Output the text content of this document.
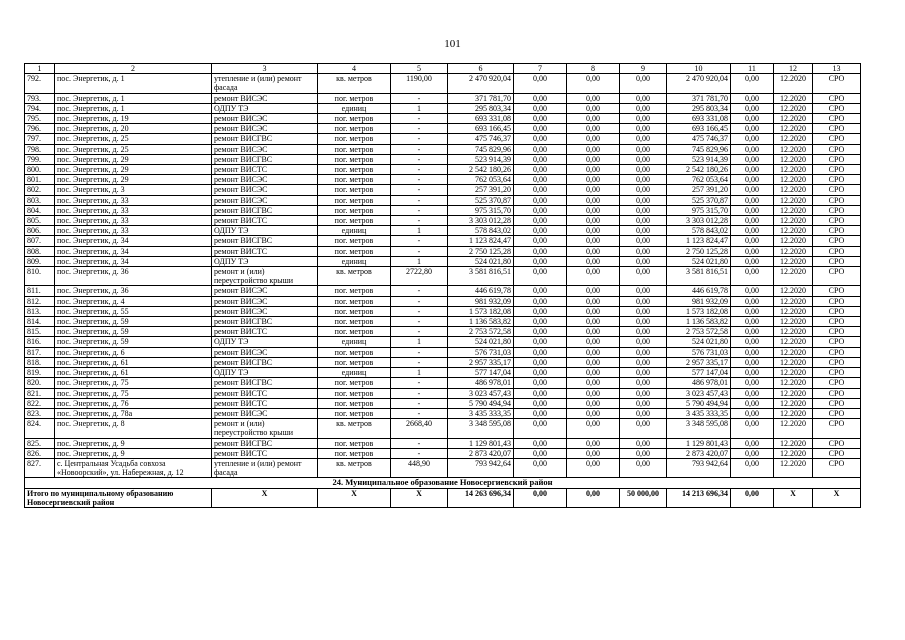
101
1	2	3	4	5	6	7	8	9	10	11	12	13
792.	пос. Энергетик, д. 1	утепление и (или) ремонт фасада	кв. метров	1190,00	2 470 920,04	0,00	0,00	0,00	2 470 920,04	0,00	12.2020	СРО
793.	пос. Энергетик, д. 1	ремонт ВИСЭС	пог. метров	-	371 781,70	0,00	0,00	0,00	371 781,70	0,00	12.2020	СРО
794.	пос. Энергетик, д. 1	ОДПУ ТЭ	единиц	1	295 803,34	0,00	0,00	0,00	295 803,34	0,00	12.2020	СРО
795.	пос. Энергетик, д. 19	ремонт ВИСЭС	пог. метров	-	693 331,08	0,00	0,00	0,00	693 331,08	0,00	12.2020	СРО
796.	пос. Энергетик, д. 20	ремонт ВИСЭС	пог. метров	-	693 166,45	0,00	0,00	0,00	693 166,45	0,00	12.2020	СРО
797.	пос. Энергетик, д. 25	ремонт ВИСГВС	пог. метров	-	475 746,37	0,00	0,00	0,00	475 746,37	0,00	12.2020	СРО
798.	пос. Энергетик, д. 25	ремонт ВИСЭС	пог. метров	-	745 829,96	0,00	0,00	0,00	745 829,96	0,00	12.2020	СРО
799.	пос. Энергетик, д. 29	ремонт ВИСГВС	пог. метров	-	523 914,39	0,00	0,00	0,00	523 914,39	0,00	12.2020	СРО
800.	пос. Энергетик, д. 29	ремонт ВИСТС	пог. метров	-	2 542 180,26	0,00	0,00	0,00	2 542 180,26	0,00	12.2020	СРО
801.	пос. Энергетик, д. 29	ремонт ВИСЭС	пог. метров	-	762 053,64	0,00	0,00	0,00	762 053,64	0,00	12.2020	СРО
802.	пос. Энергетик, д. 3	ремонт ВИСЭС	пог. метров	-	257 391,20	0,00	0,00	0,00	257 391,20	0,00	12.2020	СРО
803.	пос. Энергетик, д. 33	ремонт ВИСЭС	пог. метров	-	525 370,87	0,00	0,00	0,00	525 370,87	0,00	12.2020	СРО
804.	пос. Энергетик, д. 33	ремонт ВИСГВС	пог. метров	-	975 315,70	0,00	0,00	0,00	975 315,70	0,00	12.2020	СРО
805.	пос. Энергетик, д. 33	ремонт ВИСТС	пог. метров	-	3 303 012,28	0,00	0,00	0,00	3 303 012,28	0,00	12.2020	СРО
806.	пос. Энергетик, д. 33	ОДПУ ТЭ	единиц	1	578 843,02	0,00	0,00	0,00	578 843,02	0,00	12.2020	СРО
807.	пос. Энергетик, д. 34	ремонт ВИСГВС	пог. метров	-	1 123 824,47	0,00	0,00	0,00	1 123 824,47	0,00	12.2020	СРО
808.	пос. Энергетик, д. 34	ремонт ВИСТС	пог. метров	-	2 750 125,28	0,00	0,00	0,00	2 750 125,28	0,00	12.2020	СРО
809.	пос. Энергетик, д. 34	ОДПУ ТЭ	единиц	1	524 021,80	0,00	0,00	0,00	524 021,80	0,00	12.2020	СРО
810.	пос. Энергетик, д. 36	ремонт и (или) переустройство крыши	кв. метров	2722,80	3 581 816,51	0,00	0,00	0,00	3 581 816,51	0,00	12.2020	СРО
811.	пос. Энергетик, д. 36	ремонт ВИСЭС	пог. метров	-	446 619,78	0,00	0,00	0,00	446 619,78	0,00	12.2020	СРО
812.	пос. Энергетик, д. 4	ремонт ВИСЭС	пог. метров	-	981 932,09	0,00	0,00	0,00	981 932,09	0,00	12.2020	СРО
813.	пос. Энергетик, д. 55	ремонт ВИСЭС	пог. метров	-	1 573 182,08	0,00	0,00	0,00	1 573 182,08	0,00	12.2020	СРО
814.	пос. Энергетик, д. 59	ремонт ВИСГВС	пог. метров	-	1 136 583,82	0,00	0,00	0,00	1 136 583,82	0,00	12.2020	СРО
815.	пос. Энергетик, д. 59	ремонт ВИСТС	пог. метров	-	2 753 572,58	0,00	0,00	0,00	2 753 572,58	0,00	12.2020	СРО
816.	пос. Энергетик, д. 59	ОДПУ ТЭ	единиц	1	524 021,80	0,00	0,00	0,00	524 021,80	0,00	12.2020	СРО
817.	пос. Энергетик, д. 6	ремонт ВИСЭС	пог. метров	-	576 731,03	0,00	0,00	0,00	576 731,03	0,00	12.2020	СРО
818.	пос. Энергетик, д. 61	ремонт ВИСГВС	пог. метров	-	2 957 335,17	0,00	0,00	0,00	2 957 335,17	0,00	12.2020	СРО
819.	пос. Энергетик, д. 61	ОДПУ ТЭ	единиц	1	577 147,04	0,00	0,00	0,00	577 147,04	0,00	12.2020	СРО
820.	пос. Энергетик, д. 75	ремонт ВИСГВС	пог. метров	-	486 978,01	0,00	0,00	0,00	486 978,01	0,00	12.2020	СРО
821.	пос. Энергетик, д. 75	ремонт ВИСТС	пог. метров	-	3 023 457,43	0,00	0,00	0,00	3 023 457,43	0,00	12.2020	СРО
822.	пос. Энергетик, д. 76	ремонт ВИСТС	пог. метров	-	5 790 494,94	0,00	0,00	0,00	5 790 494,94	0,00	12.2020	СРО
823.	пос. Энергетик, д. 78а	ремонт ВИСЭС	пог. метров	-	3 435 333,35	0,00	0,00	0,00	3 435 333,35	0,00	12.2020	СРО
824.	пос. Энергетик, д. 8	ремонт и (или) переустройство крыши	кв. метров	2668,40	3 348 595,08	0,00	0,00	0,00	3 348 595,08	0,00	12.2020	СРО
825.	пос. Энергетик, д. 9	ремонт ВИСГВС	пог. метров	-	1 129 801,43	0,00	0,00	0,00	1 129 801,43	0,00	12.2020	СРО
826.	пос. Энергетик, д. 9	ремонт ВИСТС	пог. метров	-	2 873 420,07	0,00	0,00	0,00	2 873 420,07	0,00	12.2020	СРО
827.	с. Центральная Усадьба совхоза «Новоорский», ул. Набережная, д. 12	утепление и (или) ремонт фасада	кв. метров	448,90	793 942,64	0,00	0,00	0,00	793 942,64	0,00	12.2020	СРО
24. Муниципальное образование Новосергиевский район												
Итого по муниципальному образованию Новосергиевский район		X	X	X	14 263 696,34	0,00	0,00	50 000,00	14 213 696,34	0,00	X	X
